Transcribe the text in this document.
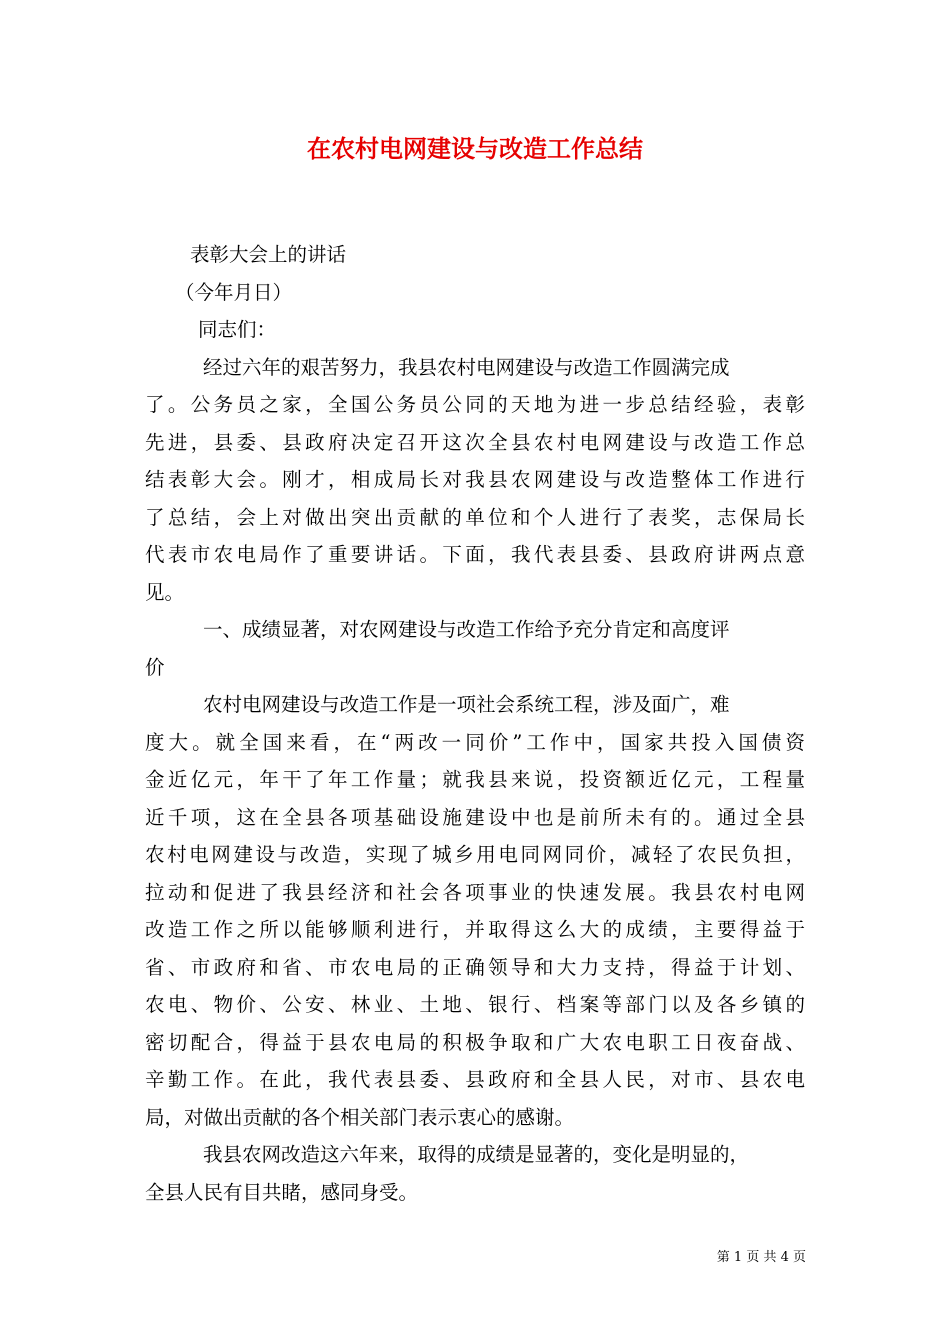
在农村电网建设与改造工作总结
表彰大会上的讲话
（今年月日）
同志们：
经过六年的艰苦努力，我县农村电网建设与改造工作圆满完成
了。公务员之家，全国公务员公同的天地为进一步总结经验，表彰
先进，县委、县政府决定召开这次全县农村电网建设与改造工作总
结表彰大会。刚才，相成局长对我县农网建设与改造整体工作进行
了总结，会上对做出突出贡献的单位和个人进行了表奖，志保局长
代表市农电局作了重要讲话。下面，我代表县委、县政府讲两点意
见。
一、成绩显著，对农网建设与改造工作给予充分肯定和高度评
价
农村电网建设与改造工作是一项社会系统工程，涉及面广，难
度大。就全国来看，在“两改一同价”工作中，国家共投入国债资
金近亿元，年干了年工作量；就我县来说，投资额近亿元，工程量
近千项，这在全县各项基础设施建设中也是前所未有的。通过全县
农村电网建设与改造，实现了城乡用电同网同价，减轻了农民负担，
拉动和促进了我县经济和社会各项事业的快速发展。我县农村电网
改造工作之所以能够顺利进行，并取得这么大的成绩，主要得益于
省、市政府和省、市农电局的正确领导和大力支持，得益于计划、
农电、物价、公安、林业、土地、银行、档案等部门以及各乡镇的
密切配合，得益于县农电局的积极争取和广大农电职工日夜奋战、
辛勤工作。在此，我代表县委、县政府和全县人民，对市、县农电
局，对做出贡献的各个相关部门表示衷心的感谢。
我县农网改造这六年来，取得的成绩是显著的，变化是明显的，
全县人民有目共睹，感同身受。
第 1 页 共 4 页
